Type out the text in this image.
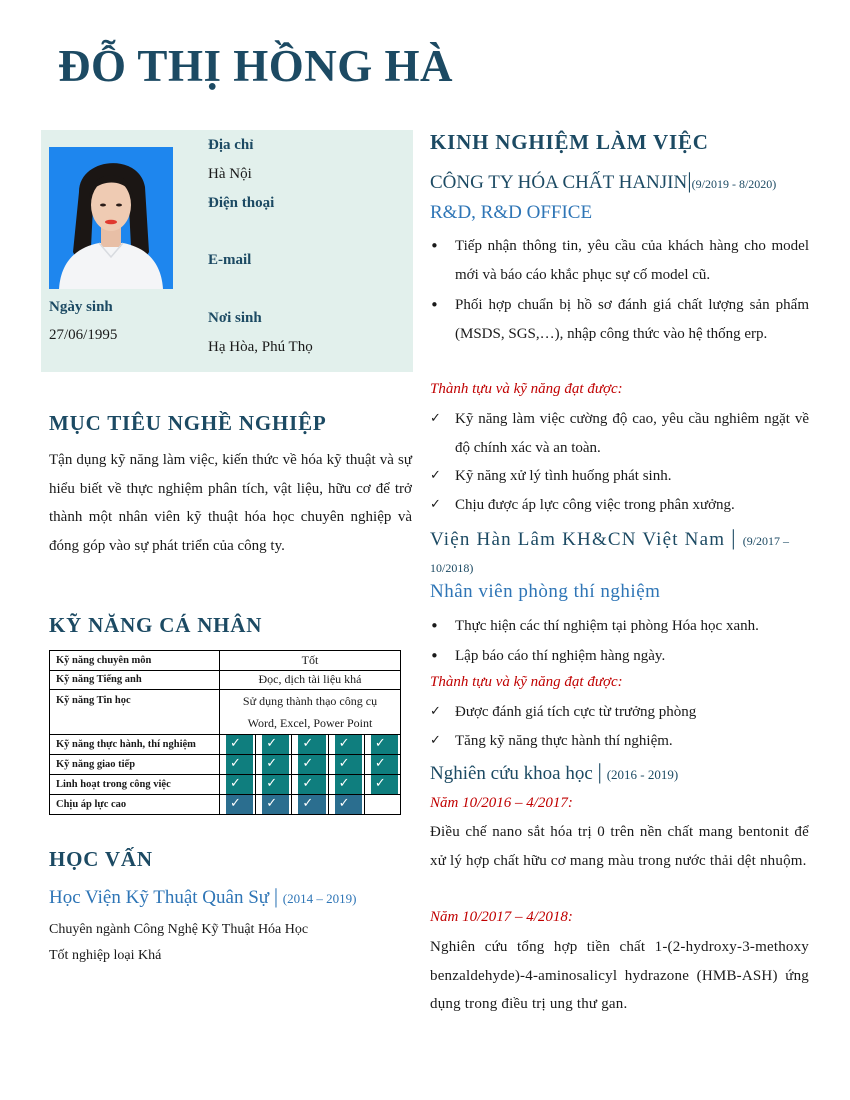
ĐỖ THỊ HỒNG HÀ
Ngày sinh
27/06/1995
Địa chỉ
Hà Nội
Điện thoại
E-mail
Nơi sinh
Hạ Hòa, Phú Thọ
MỤC TIÊU NGHỀ NGHIỆP
Tận dụng kỹ năng làm việc, kiến thức về hóa kỹ thuật và sự hiểu biết về thực nghiệm phân tích, vật liệu, hữu cơ để trở thành một nhân viên kỹ thuật hóa học chuyên nghiệp và đóng góp vào sự phát triển của công ty.
KỸ NĂNG CÁ NHÂN
Kỹ năng chuyên môn	Tốt
Kỹ năng Tiếng anh	Đọc, dịch tài liệu khá
Kỹ năng Tin học	Sử dụng thành thạo công cụ
Word, Excel, Power Point

Kỹ năng thực hành, thí nghiệm	✓ ✓ ✓ ✓ ✓

Kỹ năng giao tiếp	✓ ✓ ✓ ✓ ✓

Linh hoạt trong công việc	✓ ✓ ✓ ✓ ✓

Chịu áp lực cao	✓ ✓ ✓ ✓
HỌC VẤN
Học Viện Kỹ Thuật Quân Sự | (2014 – 2019)
Chuyên ngành Công Nghệ Kỹ Thuật Hóa Học
Tốt nghiệp loại Khá
KINH NGHIỆM LÀM VIỆC
CÔNG TY HÓA CHẤT HANJIN|(9/2019 - 8/2020)
R&D, R&D OFFICE
•	Tiếp nhận thông tin, yêu cầu của khách hàng cho model mới và báo cáo khắc phục sự cố model cũ.
•	Phối hợp chuẩn bị hồ sơ đánh giá chất lượng sản phẩm (MSDS, SGS,…), nhập công thức vào hệ thống erp.
Thành tựu và kỹ năng đạt được:
✓ Kỹ năng làm việc cường độ cao, yêu cầu nghiêm ngặt về độ chính xác và an toàn.
✓ Kỹ năng xử lý tình huống phát sinh.
✓ Chịu được áp lực công việc trong phân xưởng.
Viện Hàn Lâm KH&CN Việt Nam | (9/2017 –
10/2018)
Nhân viên phòng thí nghiệm
•	Thực hiện các thí nghiệm tại phòng Hóa học xanh.
•	Lập báo cáo thí nghiệm hàng ngày.
Thành tựu và kỹ năng đạt được:
✓ Được đánh giá tích cực từ trưởng phòng
✓ Tăng kỹ năng thực hành thí nghiệm.
Nghiên cứu khoa học | (2016 - 2019)
Năm 10/2016 – 4/2017:
Điều chế nano sắt hóa trị 0 trên nền chất mang bentonit để xử lý hợp chất hữu cơ mang màu trong nước thải dệt nhuộm.
Năm 10/2017 – 4/2018:
Nghiên cứu tổng hợp tiền chất 1-(2-hydroxy-3-methoxy benzaldehyde)-4-aminosalicyl hydrazone (HMB-ASH) ứng dụng trong điều trị ung thư gan.
